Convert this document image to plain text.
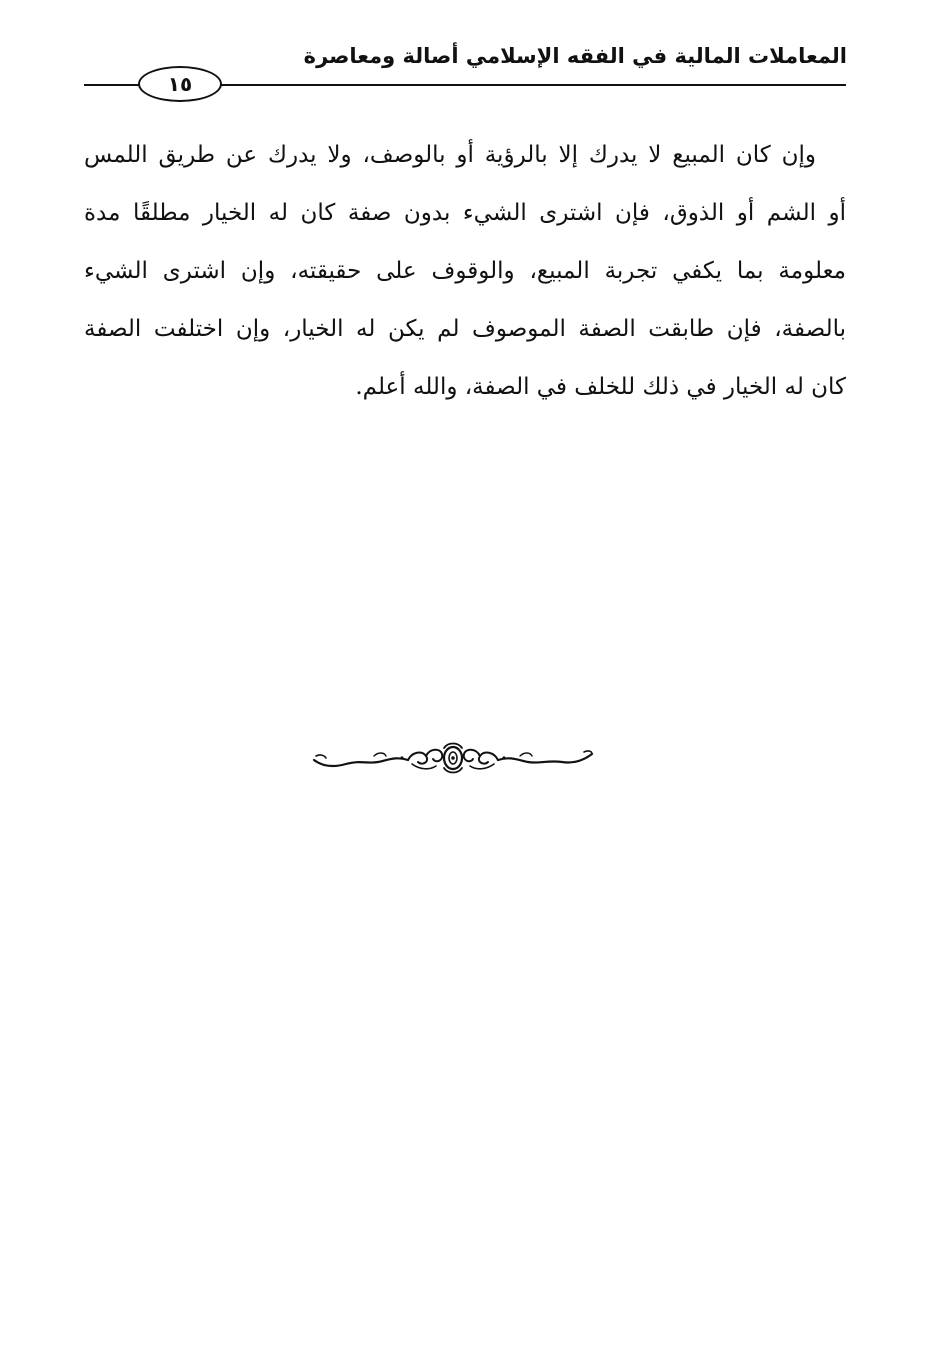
المعاملات المالية في الفقه الإسلامي أصالة ومعاصرة
١٥
وإن كان المبيع لا يدرك إلا بالرؤية أو بالوصف، ولا يدرك عن طريق اللمس
أو الشم أو الذوق، فإن اشترى الشيء بدون صفة كان له الخيار مطلقًا مدة
معلومة بما يكفي تجربة المبيع، والوقوف على حقيقته، وإن اشترى الشيء
بالصفة، فإن طابقت الصفة الموصوف لم يكن له الخيار، وإن اختلفت الصفة
كان له الخيار في ذلك للخلف في الصفة، والله أعلم.
